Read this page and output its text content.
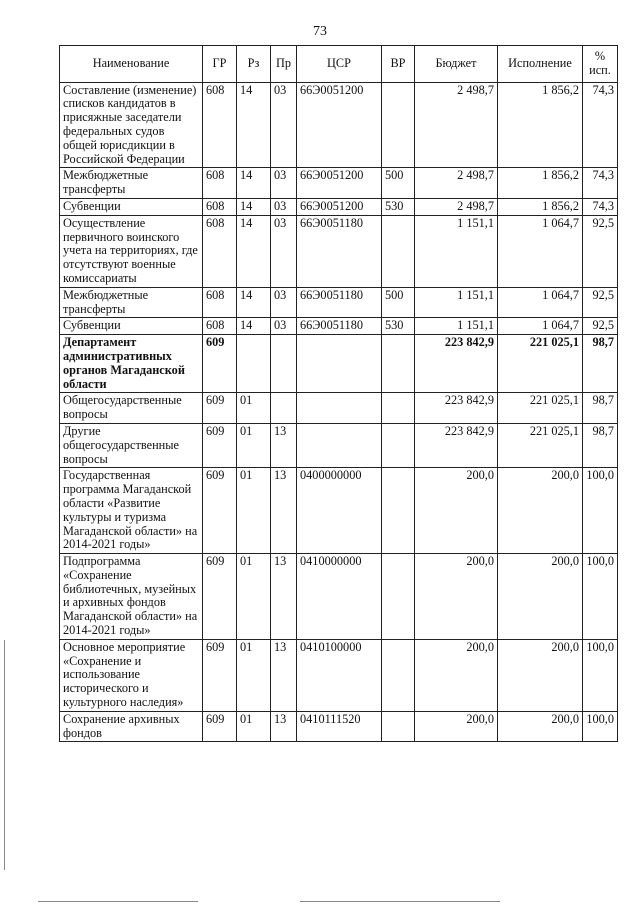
73
Наименование	ГР	Рз	Пр	ЦСР	ВР	Бюджет	Исполнение	%
исп.

Составление (изменение) списков кандидатов в присяжные заседатели федеральных судов общей юрисдикции в Российской Федерации	608	14	03	66Э0051200		2 498,7	1 856,2	74,3
Межбюджетные трансферты	608	14	03	66Э0051200	500	2 498,7	1 856,2	74,3
Субвенции	608	14	03	66Э0051200	530	2 498,7	1 856,2	74,3
Осуществление первичного воинского учета на территориях, где отсутствуют военные комиссариаты	608	14	03	66Э0051180		1 151,1	1 064,7	92,5
Межбюджетные трансферты	608	14	03	66Э0051180	500	1 151,1	1 064,7	92,5
Субвенции	608	14	03	66Э0051180	530	1 151,1	1 064,7	92,5
Департамент административных органов Магаданской области	609					223 842,9	221 025,1	98,7
Общегосударственные вопросы	609	01				223 842,9	221 025,1	98,7
Другие общегосударственные вопросы	609	01	13			223 842,9	221 025,1	98,7
Государственная программа Магаданской области «Развитие культуры и туризма Магаданской области» на 2014-2021 годы»	609	01	13	0400000000		200,0	200,0	100,0
Подпрограмма «Сохранение библиотечных, музейных и архивных фондов Магаданской области» на 2014-2021 годы»	609	01	13	0410000000		200,0	200,0	100,0
Основное мероприятие «Сохранение и использование исторического и культурного наследия»	609	01	13	0410100000		200,0	200,0	100,0
Сохранение архивных фондов	609	01	13	0410111520		200,0	200,0	100,0
